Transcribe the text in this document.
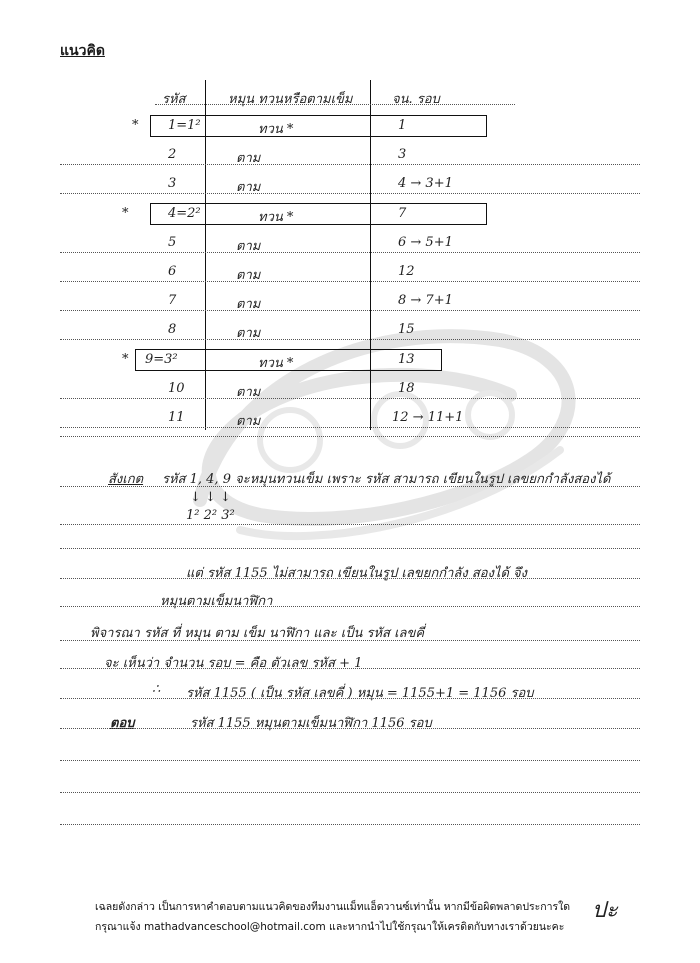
แนวคิด
รหัส	หมุน ทวนหรือตามเข็ม	จน. รอบ
* 1=1²	ทวน *	1
2	ตาม	3
3	ตาม	4 → 3+1
*	4=2²	ทวน *	7
5	ตาม	6 → 5+1
6	ตาม	12
7	ตาม	8 → 7+1
8	ตาม	15
* 9=3²	ทวน *	13
10	ตาม	18
11	ตาม	12 → 11+1
สังเกต รหัส 1, 4, 9 จะหมุนทวนเข็ม เพราะ รหัส สามารถ เขียนในรูป เลขยกกำลังสองได้
↓ ↓ ↓
1² 2² 3²
แต่ รหัส 1155 ไม่สามารถ เขียนในรูป เลขยกกำลัง สองได้ จึง
หมุนตามเข็มนาฬิกา
พิจารณา รหัส ที่ หมุน ตาม เข็ม นาฬิกา และ เป็น รหัส เลขคี่
จะ เห็นว่า จำนวน รอบ = คือ ตัวเลข รหัส + 1
∴ รหัส 1155 ( เป็น รหัส เลขคี่ ) หมุน = 1155+1 = 1156 รอบ
ตอบ	รหัส 1155 หมุนตามเข็มนาฬิกา 1156 รอบ
เฉลยดังกล่าว เป็นการหาคำตอบตามแนวคิดของทีมงานแม็ทแอ็ดวานซ์เท่านั้น หากมีข้อผิดพลาดประการใด
กรุณาแจ้ง mathadvanceschool@hotmail.com และหากนำไปใช้กรุณาให้เครดิตกับทางเราด้วยนะคะ
ปะ
